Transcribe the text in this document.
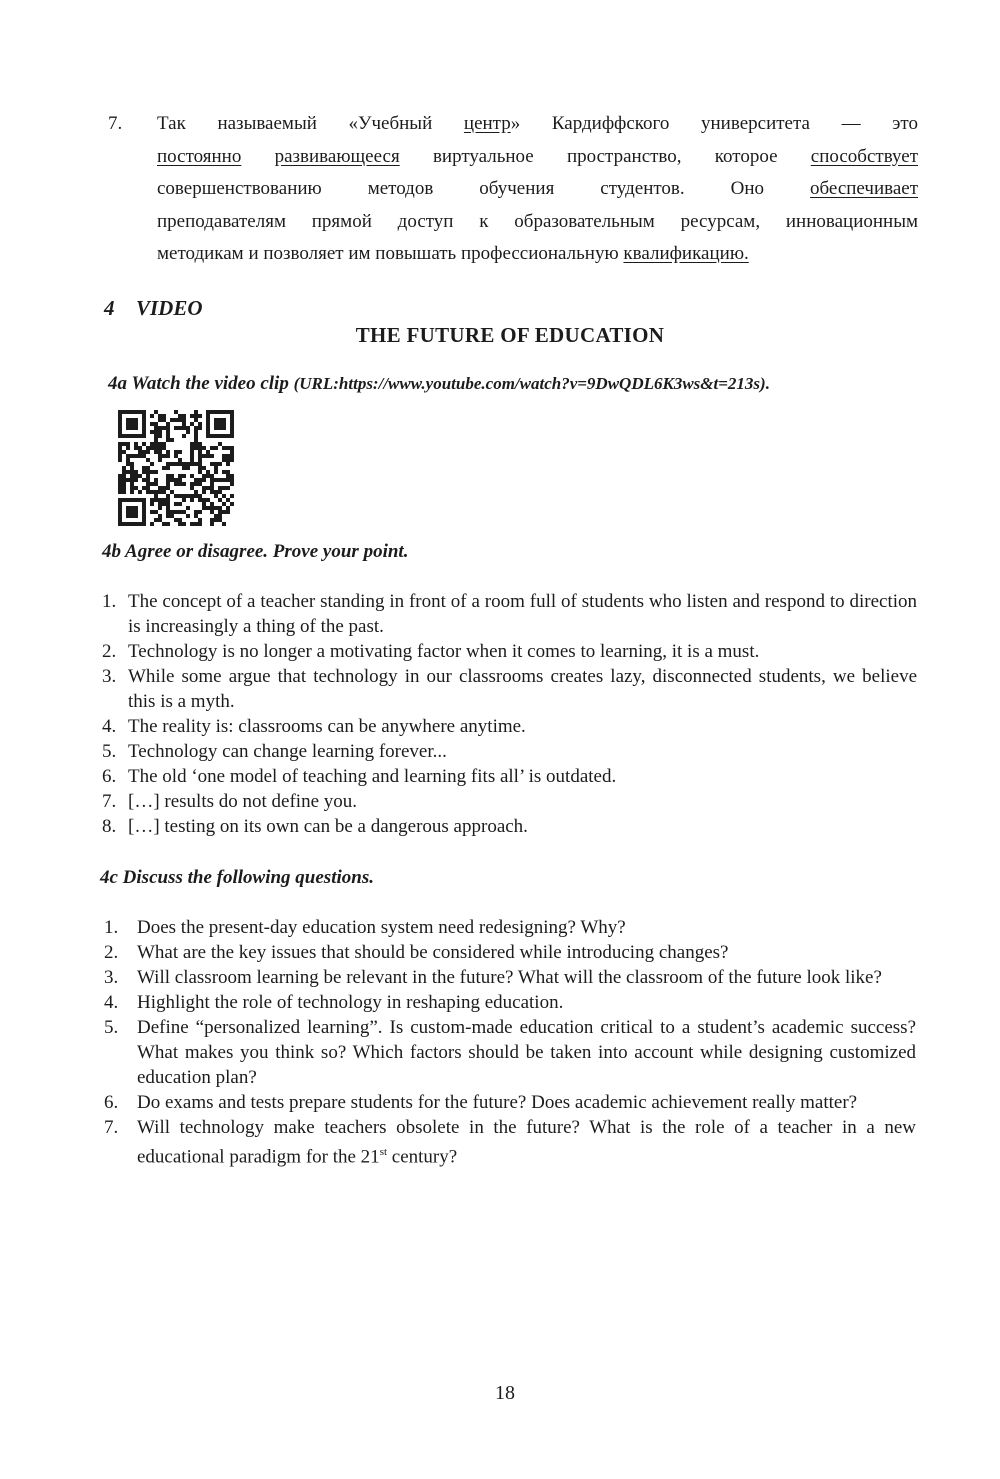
7. Так называемый «Учебный центр» Кардиффского университета — это
постоянно развивающееся виртуальное пространство, которое способствует
совершенствованию методов обучения студентов. Оно обеспечивает
преподавателям прямой доступ к образовательным ресурсам, инновационным
методикам и позволяет им повышать профессиональную квалификацию.
4 VIDEO
THE FUTURE OF EDUCATION
4a Watch the video clip (URL:https://www.youtube.com/watch?v=9DwQDL6K3ws&t=213s).
4b Agree or disagree. Prove your point.
1. The concept of a teacher standing in front of a room full of students who listen and respond to direction is increasingly a thing of the past.
2. Technology is no longer a motivating factor when it comes to learning, it is a must.
3. While some argue that technology in our classrooms creates lazy, disconnected students, we believe this is a myth.
4. The reality is: classrooms can be anywhere anytime.
5. Technology can change learning forever...
6. The old ‘one model of teaching and learning fits all’ is outdated.
7. […] results do not define you.
8. […] testing on its own can be a dangerous approach.
4c Discuss the following questions.
1. Does the present-day education system need redesigning? Why?
2. What are the key issues that should be considered while introducing changes?
3. Will classroom learning be relevant in the future? What will the classroom of the future look like?
4. Highlight the role of technology in reshaping education.
5. Define “personalized learning”. Is custom-made education critical to a student’s academic success? What makes you think so? Which factors should be taken into account while designing customized education plan?
6. Do exams and tests prepare students for the future? Does academic achievement really matter?
7. Will technology make teachers obsolete in the future? What is the role of a teacher in a new educational paradigm for the 21st century?
18
